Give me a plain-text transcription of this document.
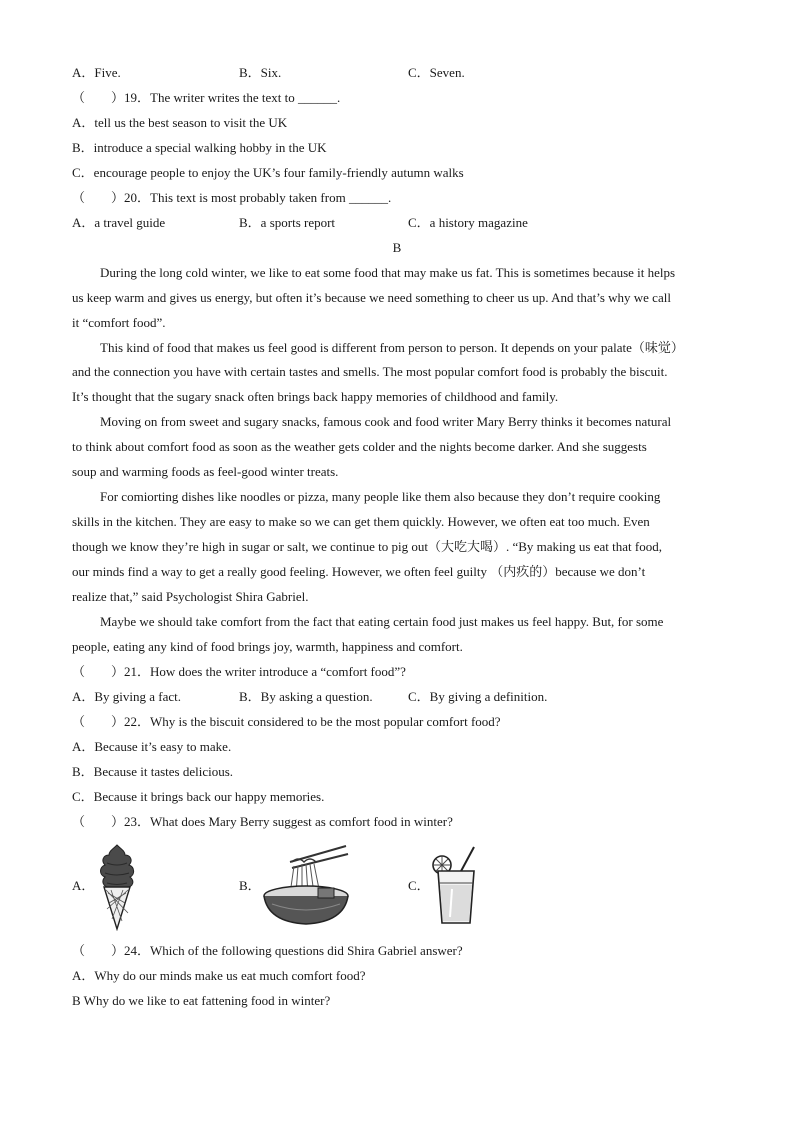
A．Five.	B．Six.	C．Seven.
（　　）19．The writer writes the text to ______.
A．tell us the best season to visit the UK
B．introduce a special walking hobby in the UK
C．encourage people to enjoy the UK’s four family-friendly autumn walks
（　　）20．This text is most probably taken from ______.
A．a travel guide	B．a sports report	C．a history magazine
B
During the long cold winter, we like to eat some food that may make us fat. This is sometimes because it helps
us keep warm and gives us energy, but often it’s because we need something to cheer us up. And that’s why we call
it “comfort food”.
This kind of food that makes us feel good is different from person to person. It depends on your palate（味觉）
and the connection you have with certain tastes and smells. The most popular comfort food is probably the biscuit.
It’s thought that the sugary snack often brings back happy memories of childhood and family.
Moving on from sweet and sugary snacks, famous cook and food writer Mary Berry thinks it becomes natural
to think about comfort food as soon as the weather gets colder and the nights become darker. And she suggests
soup and warming foods as feel-good winter treats.
For comiorting dishes like noodles or pizza, many people like them also because they don’t require cooking
skills in the kitchen. They are easy to make so we can get them quickly. However, we often eat too much. Even
though we know they’re high in sugar or salt, we continue to pig out（大吃大喝）. “By making us eat that food,
our minds find a way to get a really good feeling. However, we often feel guilty （内疚的）because we don’t
realize that,” said Psychologist Shira Gabriel.
Maybe we should take comfort from the fact that eating certain food just makes us feel happy. But, for some
people, eating any kind of food brings joy, warmth, happiness and comfort.
（　　）21．How does the writer introduce a “comfort food”?
A．By giving a fact.	B．By asking a question.	C．By giving a definition.
（　　）22．Why is the biscuit considered to be the most popular comfort food?
A．Because it’s easy to make.
B．Because it tastes delicious.
C．Because it brings back our happy memories.
（　　）23．What does Mary Berry suggest as comfort food in winter?
A．	B．	C．
（　　）24．Which of the following questions did Shira Gabriel answer?
A．Why do our minds make us eat much comfort food?
B Why do we like to eat fattening food in winter?
